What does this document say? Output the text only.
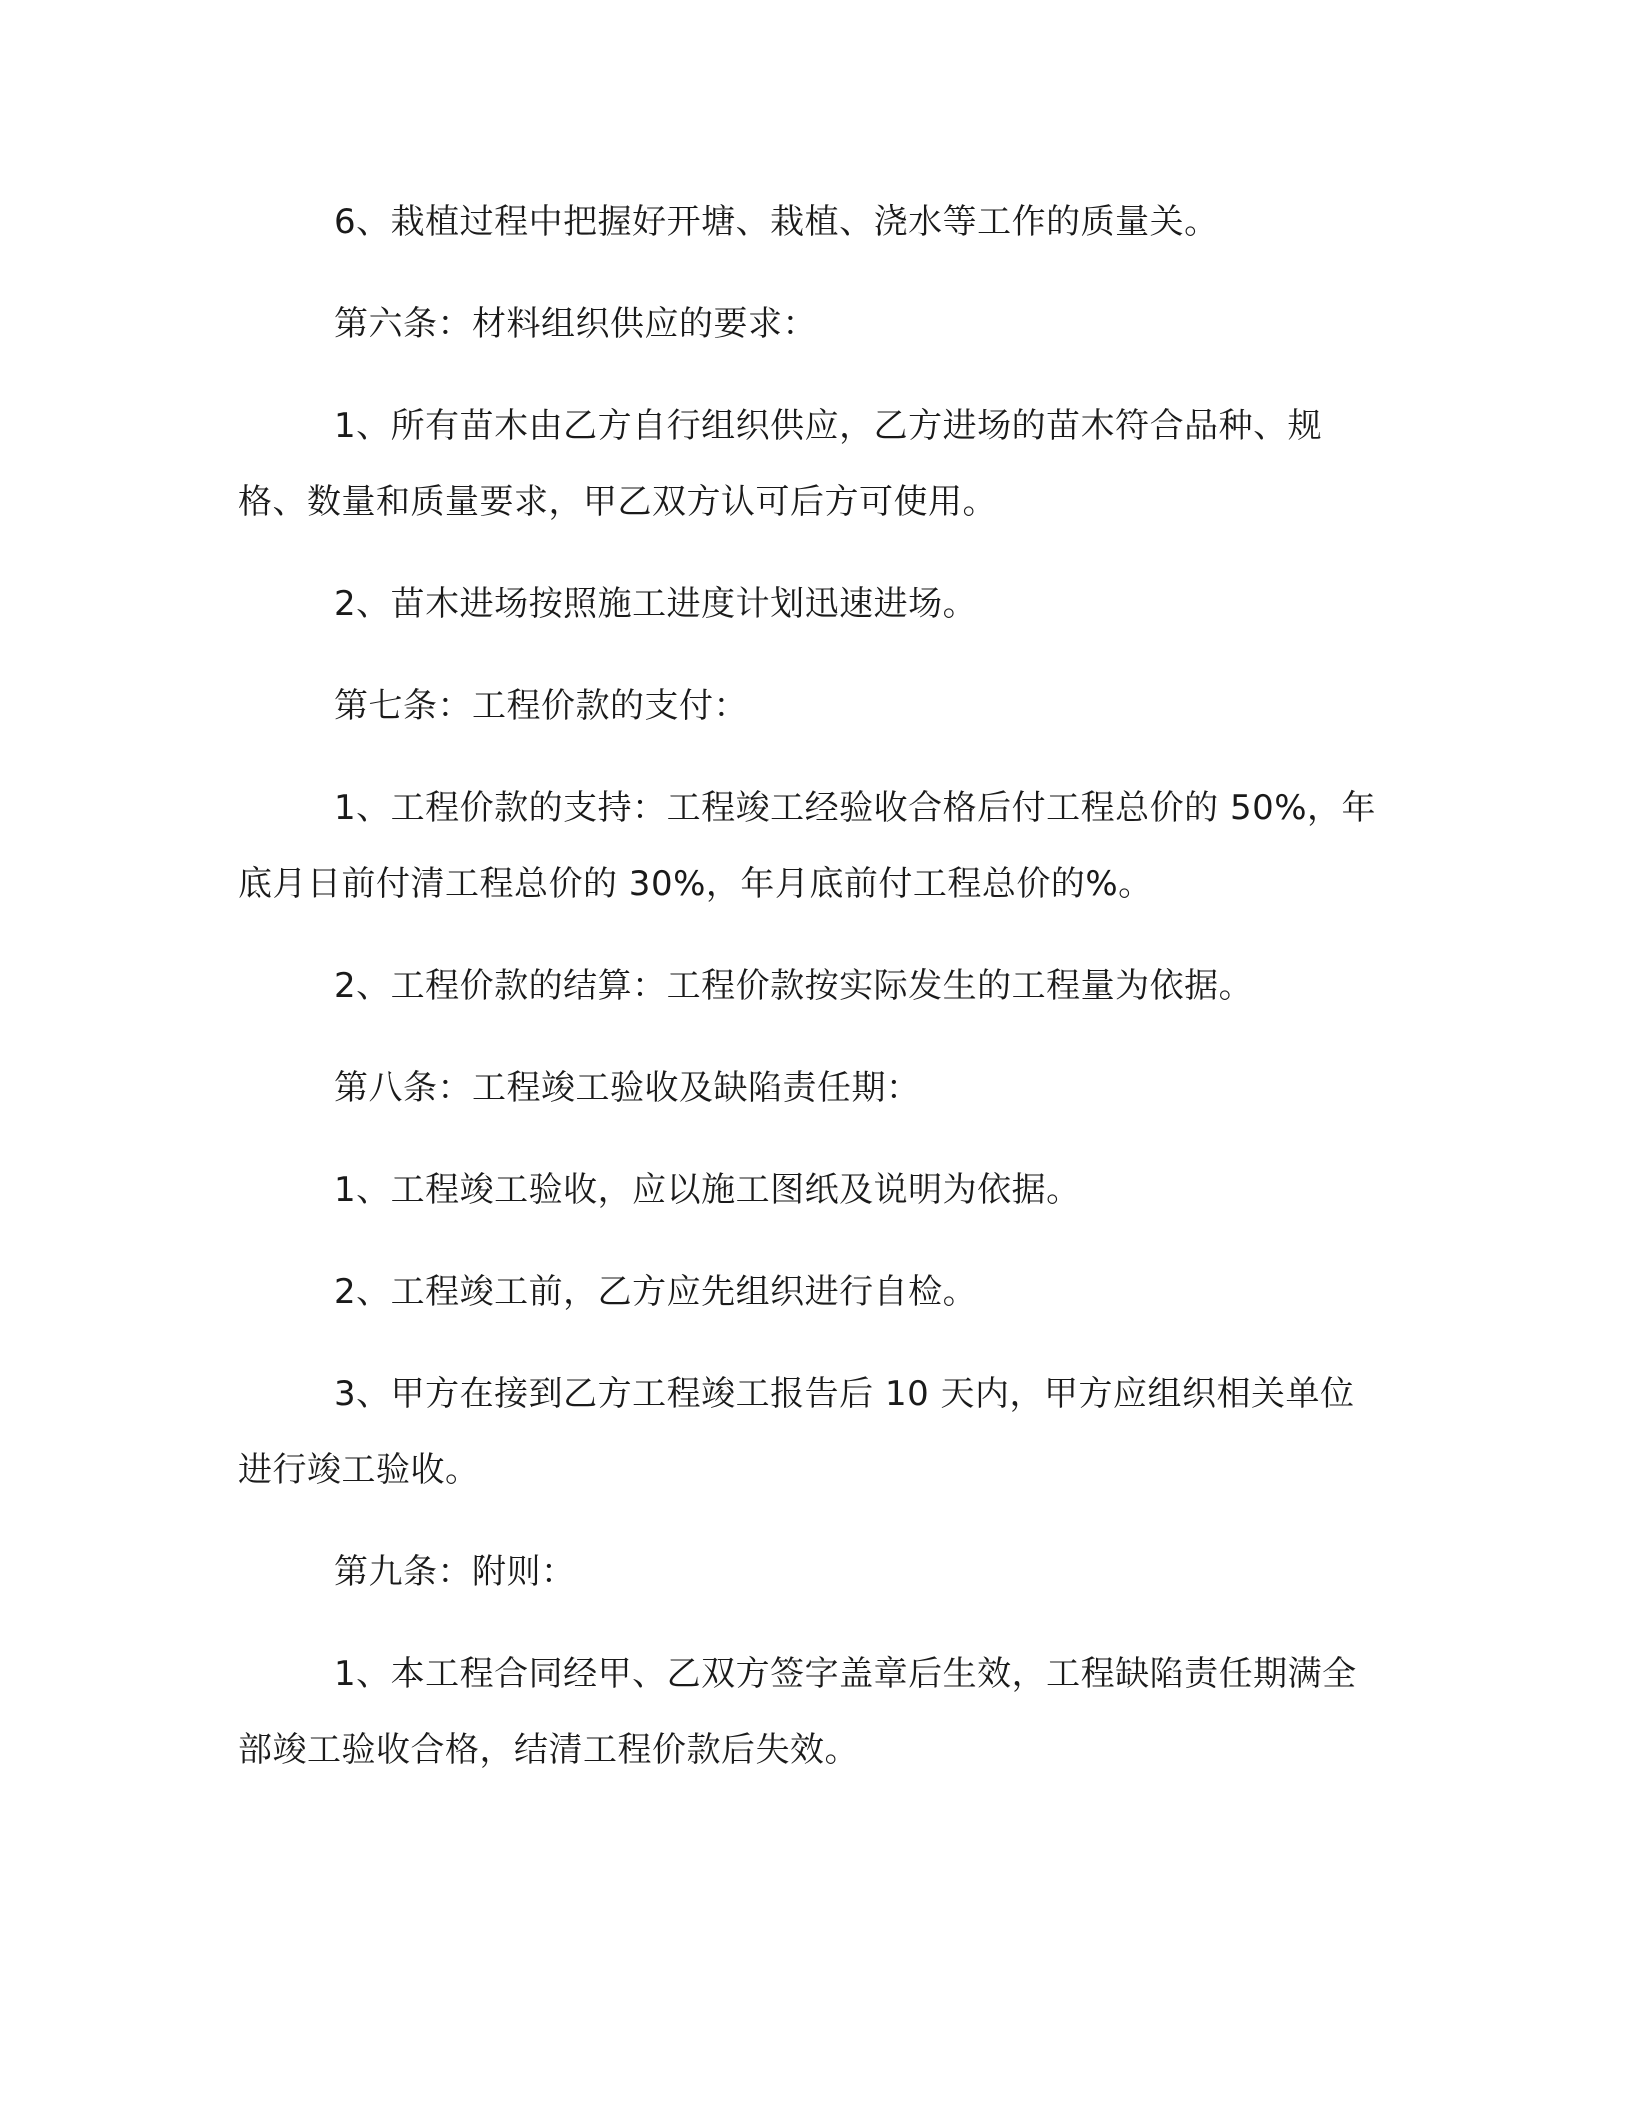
6、栽植过程中把握好开塘、栽植、浇水等工作的质量关。

第六条：材料组织供应的要求：

1、所有苗木由乙方自行组织供应，乙方进场的苗木符合品种、规格、数量和质量要求，甲乙双方认可后方可使用。

2、苗木进场按照施工进度计划迅速进场。

第七条：工程价款的支付：

1、工程价款的支持：工程竣工经验收合格后付工程总价的 50%，年底月日前付清工程总价的 30%，年月底前付工程总价的%。

2、工程价款的结算：工程价款按实际发生的工程量为依据。

第八条：工程竣工验收及缺陷责任期：

1、工程竣工验收，应以施工图纸及说明为依据。

2、工程竣工前，乙方应先组织进行自检。

3、甲方在接到乙方工程竣工报告后 10 天内，甲方应组织相关单位进行竣工验收。

第九条：附则：

1、本工程合同经甲、乙双方签字盖章后生效，工程缺陷责任期满全部竣工验收合格，结清工程价款后失效。
